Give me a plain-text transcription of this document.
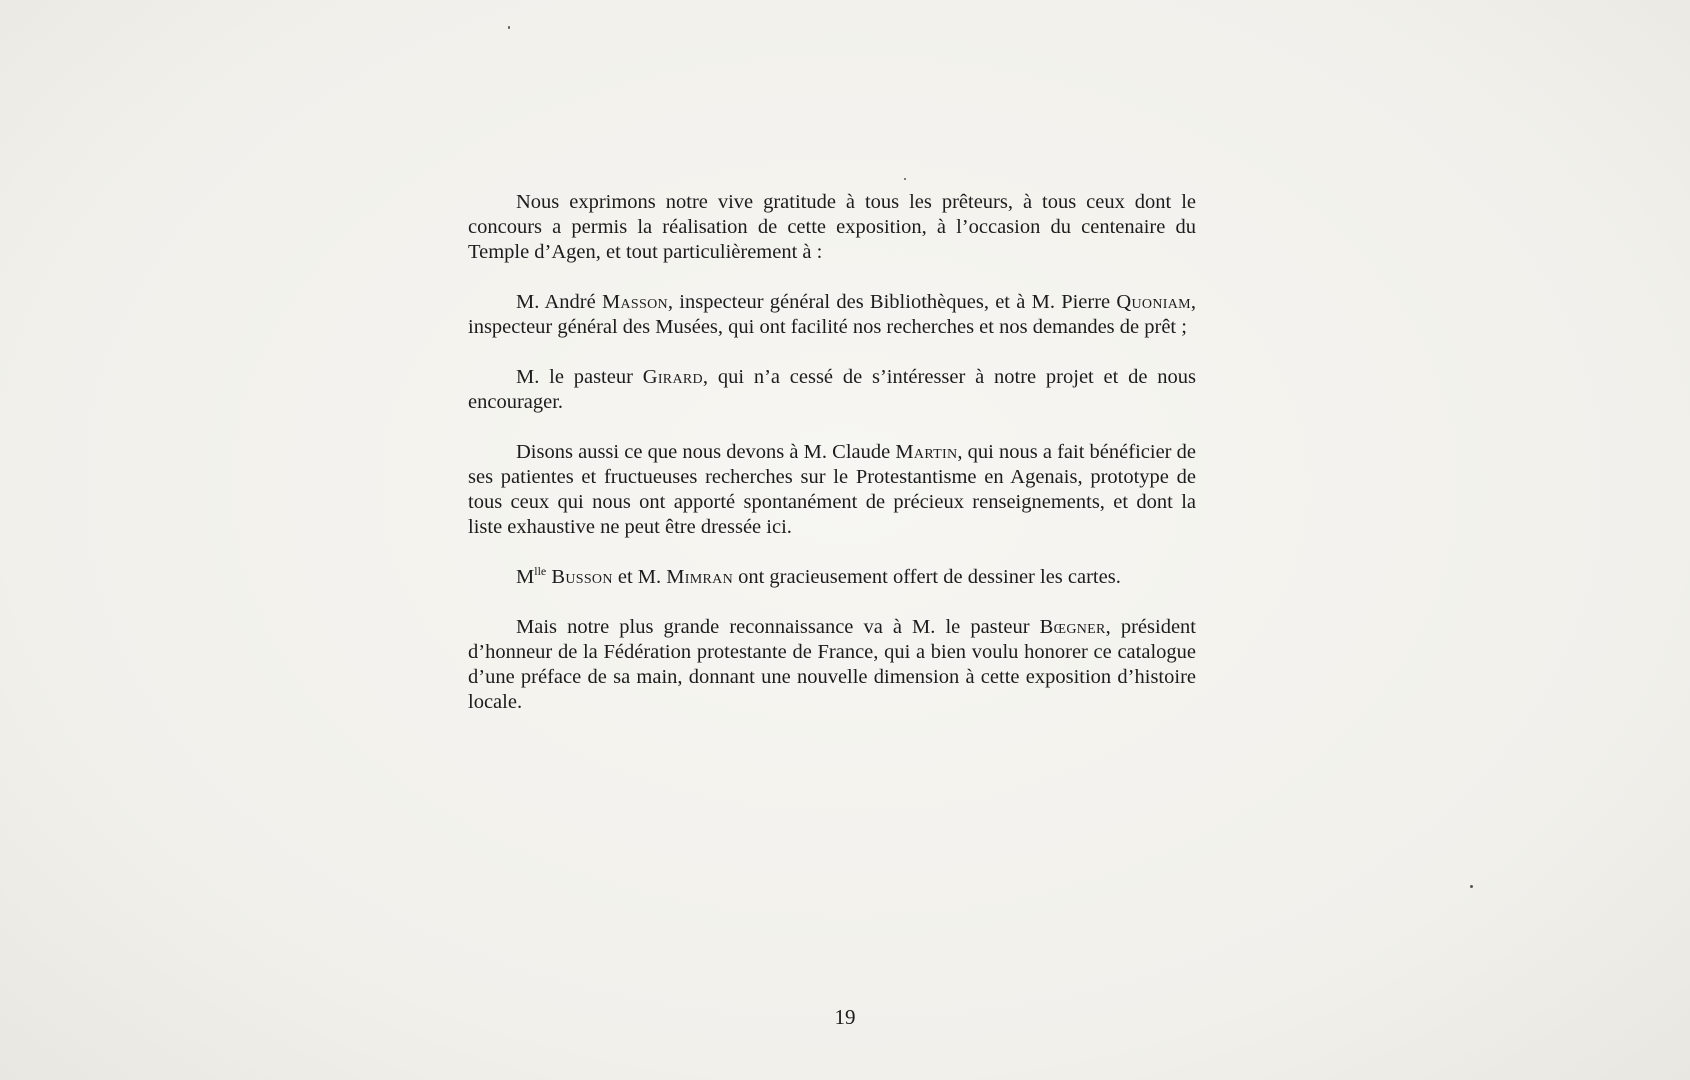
Nous exprimons notre vive gratitude à tous les prêteurs, à tous ceux dont le concours a permis la réalisation de cette exposition, à l’occasion du centenaire du Temple d’Agen, et tout particulièrement à :

M. André Masson, inspecteur général des Bibliothèques, et à M. Pierre Quoniam, inspecteur général des Musées, qui ont facilité nos recherches et nos demandes de prêt ;

M. le pasteur Girard, qui n’a cessé de s’intéresser à notre projet et de nous encourager.

Disons aussi ce que nous devons à M. Claude Martin, qui nous a fait bénéficier de ses patientes et fructueuses recherches sur le Protestantisme en Agenais, prototype de tous ceux qui nous ont apporté spontanément de précieux renseignements, et dont la liste exhaustive ne peut être dressée ici.

$M^{lle}$ Busson et M. Mimran ont gracieusement offert de dessiner les cartes.

Mais notre plus grande reconnaissance va à M. le pasteur Bœgner, président d’honneur de la Fédération protestante de France, qui a bien voulu honorer ce catalogue d’une préface de sa main, donnant une nouvelle dimension à cette exposition d’histoire locale.

19
